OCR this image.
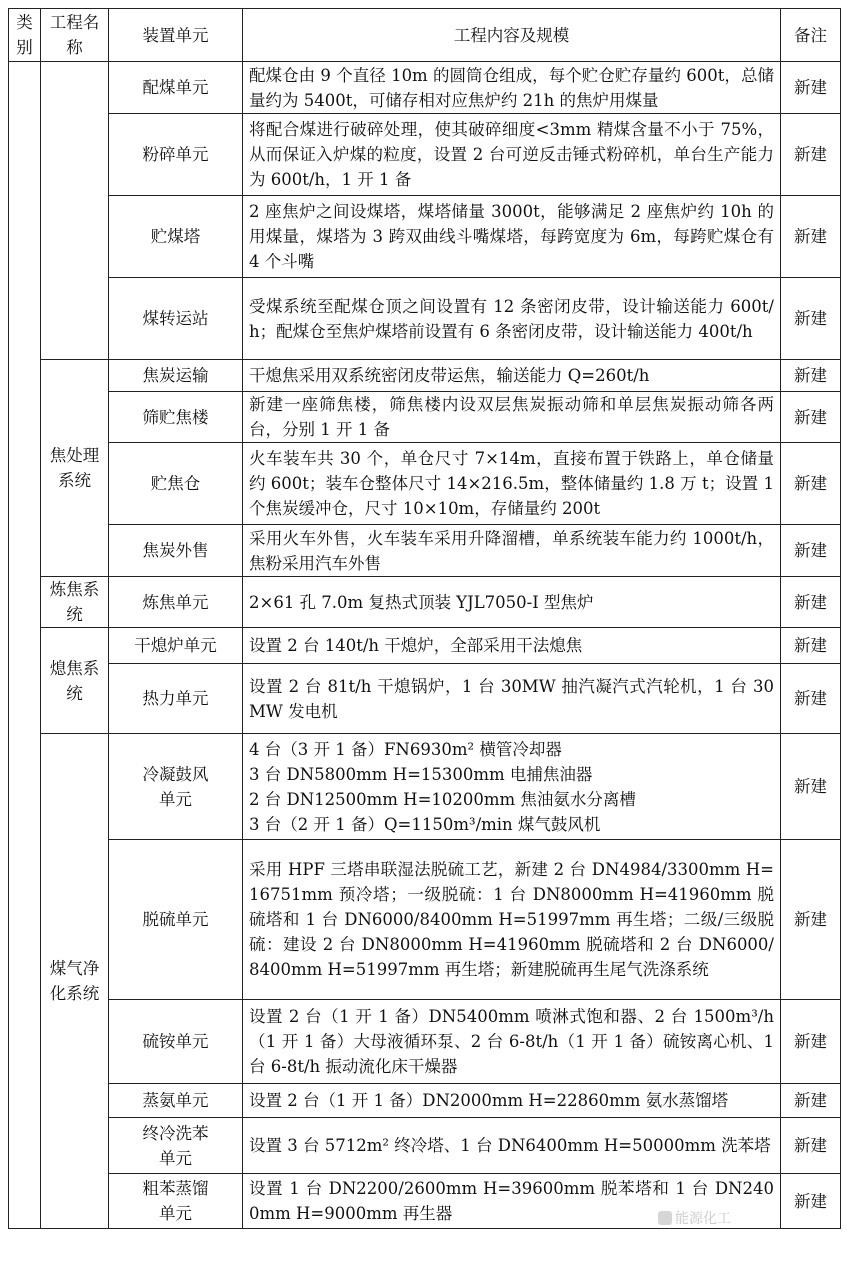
类别	工程名称	装置单元	工程内容及规模	备注
		配煤单元	配煤仓由 9 个直径 10m 的圆筒仓组成，每个贮仓贮存量约 600t，总储量约为 5400t，可储存相对应焦炉约 21h 的焦炉用煤量	新建
		粉碎单元	将配合煤进行破碎处理，使其破碎细度<3mm 精煤含量不小于 75%，从而保证入炉煤的粒度，设置 2 台可逆反击锤式粉碎机，单台生产能力为 600t/h，1 开 1 备	新建
		贮煤塔	2 座焦炉之间设煤塔，煤塔储量 3000t，能够满足 2 座焦炉约 10h 的用煤量，煤塔为 3 跨双曲线斗嘴煤塔，每跨宽度为 6m，每跨贮煤仓有 4 个斗嘴	新建
		煤转运站	受煤系统至配煤仓顶之间设置有 12 条密闭皮带，设计输送能力 600t/h；配煤仓至焦炉煤塔前设置有 6 条密闭皮带，设计输送能力 400t/h	新建
	焦处理系统	焦炭运输	干熄焦采用双系统密闭皮带运焦，输送能力 Q=260t/h	新建
		筛贮焦楼	新建一座筛焦楼，筛焦楼内设双层焦炭振动筛和单层焦炭振动筛各两台，分别 1 开 1 备	新建
		贮焦仓	火车装车共 30 个，单仓尺寸 7×14m，直接布置于铁路上，单仓储量约 600t；装车仓整体尺寸 14×216.5m，整体储量约 1.8 万 t；设置 1 个焦炭缓冲仓，尺寸 10×10m，存储量约 200t	新建
		焦炭外售	采用火车外售，火车装车采用升降溜槽，单系统装车能力约 1000t/h，焦粉采用汽车外售	新建
	炼焦系统	炼焦单元	2×61 孔 7.0m 复热式顶装 YJL7050-I 型焦炉	新建
	熄焦系统	干熄炉单元	设置 2 台 140t/h 干熄炉，全部采用干法熄焦	新建
		热力单元	设置 2 台 81t/h 干熄锅炉，1 台 30MW 抽汽凝汽式汽轮机，1 台 30MW 发电机	新建
	煤气净化系统	冷凝鼓风
单元	4 台（3 开 1 备）FN6930m² 横管冷却器
3 台 DN5800mm H=15300mm 电捕焦油器
2 台 DN12500mm H=10200mm 焦油氨水分离槽
3 台（2 开 1 备）Q=1150m³/min 煤气鼓风机	新建
		脱硫单元	采用 HPF 三塔串联湿法脱硫工艺，新建 2 台 DN4984/3300mm H=16751mm 预冷塔；一级脱硫：1 台 DN8000mm H=41960mm 脱硫塔和 1 台 DN6000/8400mm H=51997mm 再生塔；二级/三级脱硫：建设 2 台 DN8000mm H=41960mm 脱硫塔和 2 台 DN6000/8400mm H=51997mm 再生塔；新建脱硫再生尾气洗涤系统	新建
		硫铵单元	设置 2 台（1 开 1 备）DN5400mm 喷淋式饱和器、2 台 1500m³/h（1 开 1 备）大母液循环泵、2 台 6-8t/h（1 开 1 备）硫铵离心机、1 台 6-8t/h 振动流化床干燥器	新建
		蒸氨单元	设置 2 台（1 开 1 备）DN2000mm H=22860mm 氨水蒸馏塔	新建
		终冷洗苯
单元	设置 3 台 5712m² 终冷塔、1 台 DN6400mm H=50000mm 洗苯塔	新建
		粗苯蒸馏
单元	设置 1 台 DN2200/2600mm H=39600mm 脱苯塔和 1 台 DN2400mm H=9000mm 再生器	新建
能源化工
